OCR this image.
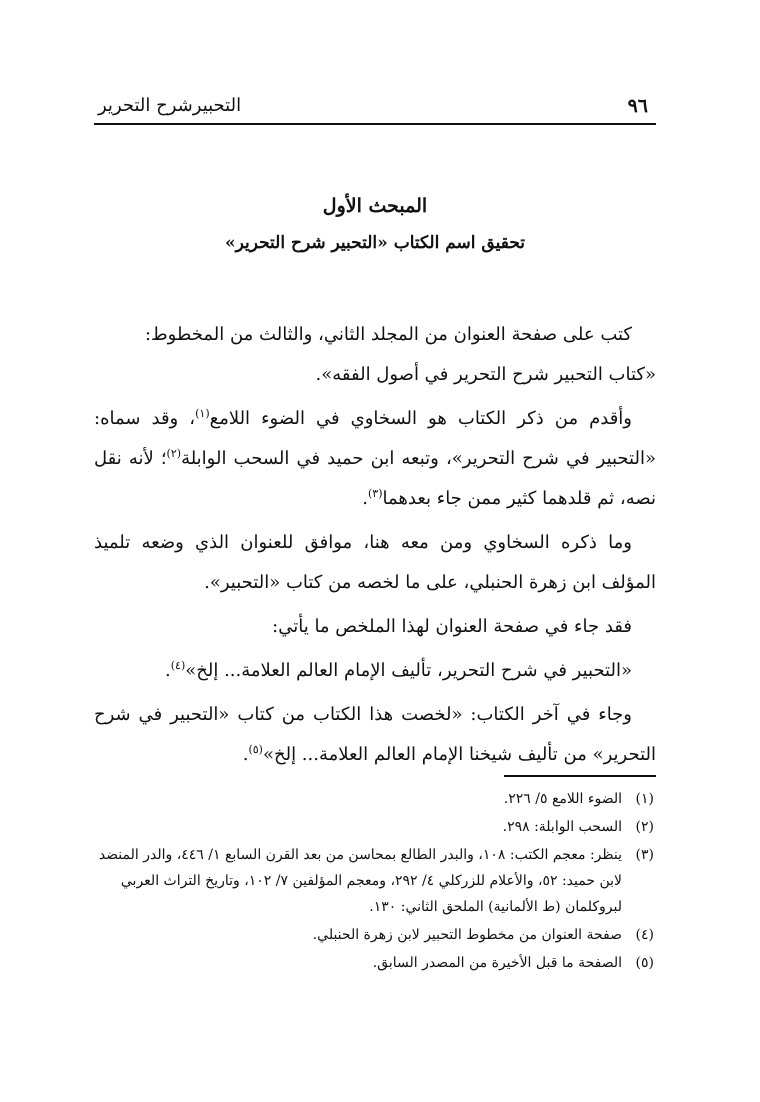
٩٦
التحبيرشرح التحرير
المبحث الأول
تحقيق اسم الكتاب «التحبير شرح التحرير»

كتب على صفحة العنوان من المجلد الثاني، والثالث من المخطوط:
«كتاب التحبير شرح التحرير في أصول الفقه».

وأقدم من ذكر الكتاب هو السخاوي في الضوء اللامع$^{(١)}$، وقد سماه: «التحبير في شرح التحرير»، وتبعه ابن حميد في السحب الوابلة$^{(٢)}$؛ لأنه نقل نصه، ثم قلدهما كثير ممن جاء بعدهما$^{(٣)}$.

وما ذكره السخاوي ومن معه هنا، موافق للعنوان الذي وضعه تلميذ المؤلف ابن زهرة الحنبلي، على ما لخصه من كتاب «التحبير».

فقد جاء في صفحة العنوان لهذا الملخص ما يأتي:

«التحبير في شرح التحرير، تأليف الإمام العالم العلامة... إلخ»$^{(٤)}$.

وجاء في آخر الكتاب: «لخصت هذا الكتاب من كتاب «التحبير في شرح التحرير» من تأليف شيخنا الإمام العالم العلامة... إلخ»$^{(٥)}$.

(١)
الضوء اللامع ٥/ ٢٢٦.
(٢)
السحب الوابلة: ٢٩٨.
(٣)
ينظر: معجم الكتب: ١٠٨، والبدر الطالع بمحاسن من بعد القرن السابع ١/ ٤٤٦، والدر المنضد لابن حميد: ٥٢، والأعلام للزركلي ٤/ ٢٩٢، ومعجم المؤلفين ٧/ ١٠٢، وتاريخ التراث العربي لبروكلمان (ط الألمانية) الملحق الثاني: ١٣٠.
(٤)
صفحة العنوان من مخطوط التحبير لابن زهرة الحنبلي.
(٥)
الصفحة ما قبل الأخيرة من المصدر السابق.
